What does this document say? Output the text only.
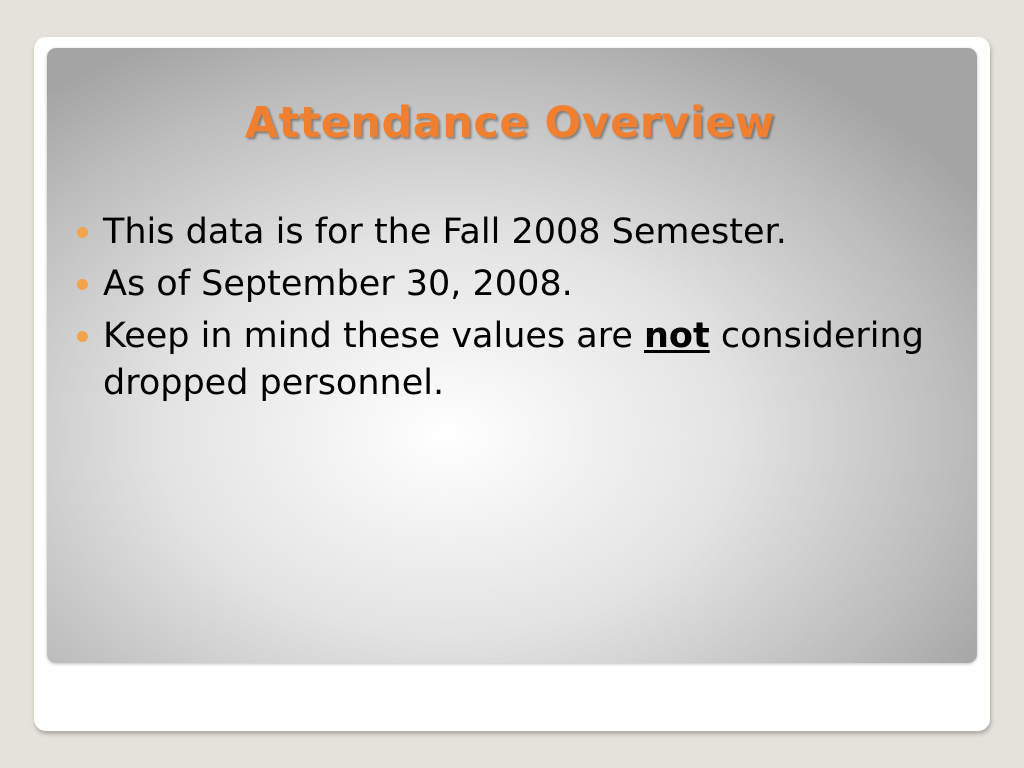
Attendance Overview
This data is for the Fall 2008 Semester.
As of September 30, 2008.
Keep in mind these values are not considering dropped personnel.
